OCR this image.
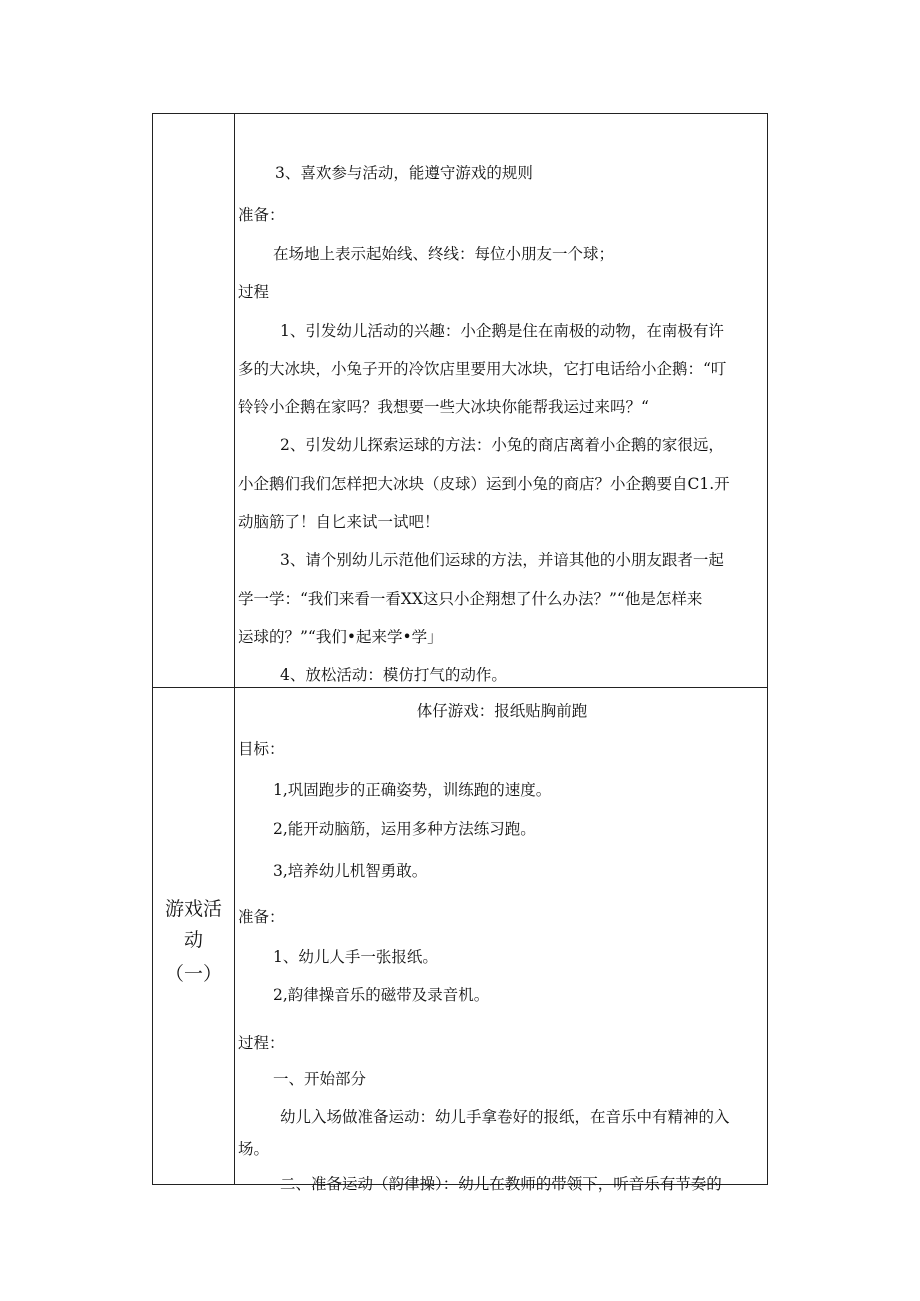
3、喜欢参与活动，能遵守游戏的规则
准备：
在场地上表示起始线、终线：每位小朋友一个球；
过程
1、引发幼儿活动的兴趣：小企鹅是住在南极的动物，在南极有许
多的大冰块，小兔子开的冷饮店里要用大冰块，它打电话给小企鹅：“叮
铃铃小企鹅在家吗？我想要一些大冰块你能帮我运过来吗？“
2、引发幼儿探索运球的方法：小兔的商店离着小企鹅的家很远，
小企鹅们我们怎样把大冰块（皮球）运到小兔的商店？小企鹅要自C1.开
动脑筋了！自匕来试一试吧！
3、请个别幼儿示范他们运球的方法，并谙其他的小朋友跟者一起
学一学：“我们来看一看XX这只小企翔想了什么办法？”“他是怎样来
运球的？”“我们•起来学•学」
4、放松活动：模仿打气的动作。
游戏活
动
（一）
体仔游戏：报纸贴胸前跑
目标：
1,巩固跑步的正确姿势，训练跑的速度。
2,能开动脑筋，运用多种方法练习跑。
3,培养幼儿机智勇敢。
准备：
1、幼儿人手一张报纸。
2,韵律操音乐的磁带及录音机。
过程：
一、开始部分
幼儿入场做准备运动：幼儿手拿卷好的报纸，在音乐中有精神的入
场。
二、准备运动（韵律操）：幼儿在教师的带领下，听音乐有节奏的
